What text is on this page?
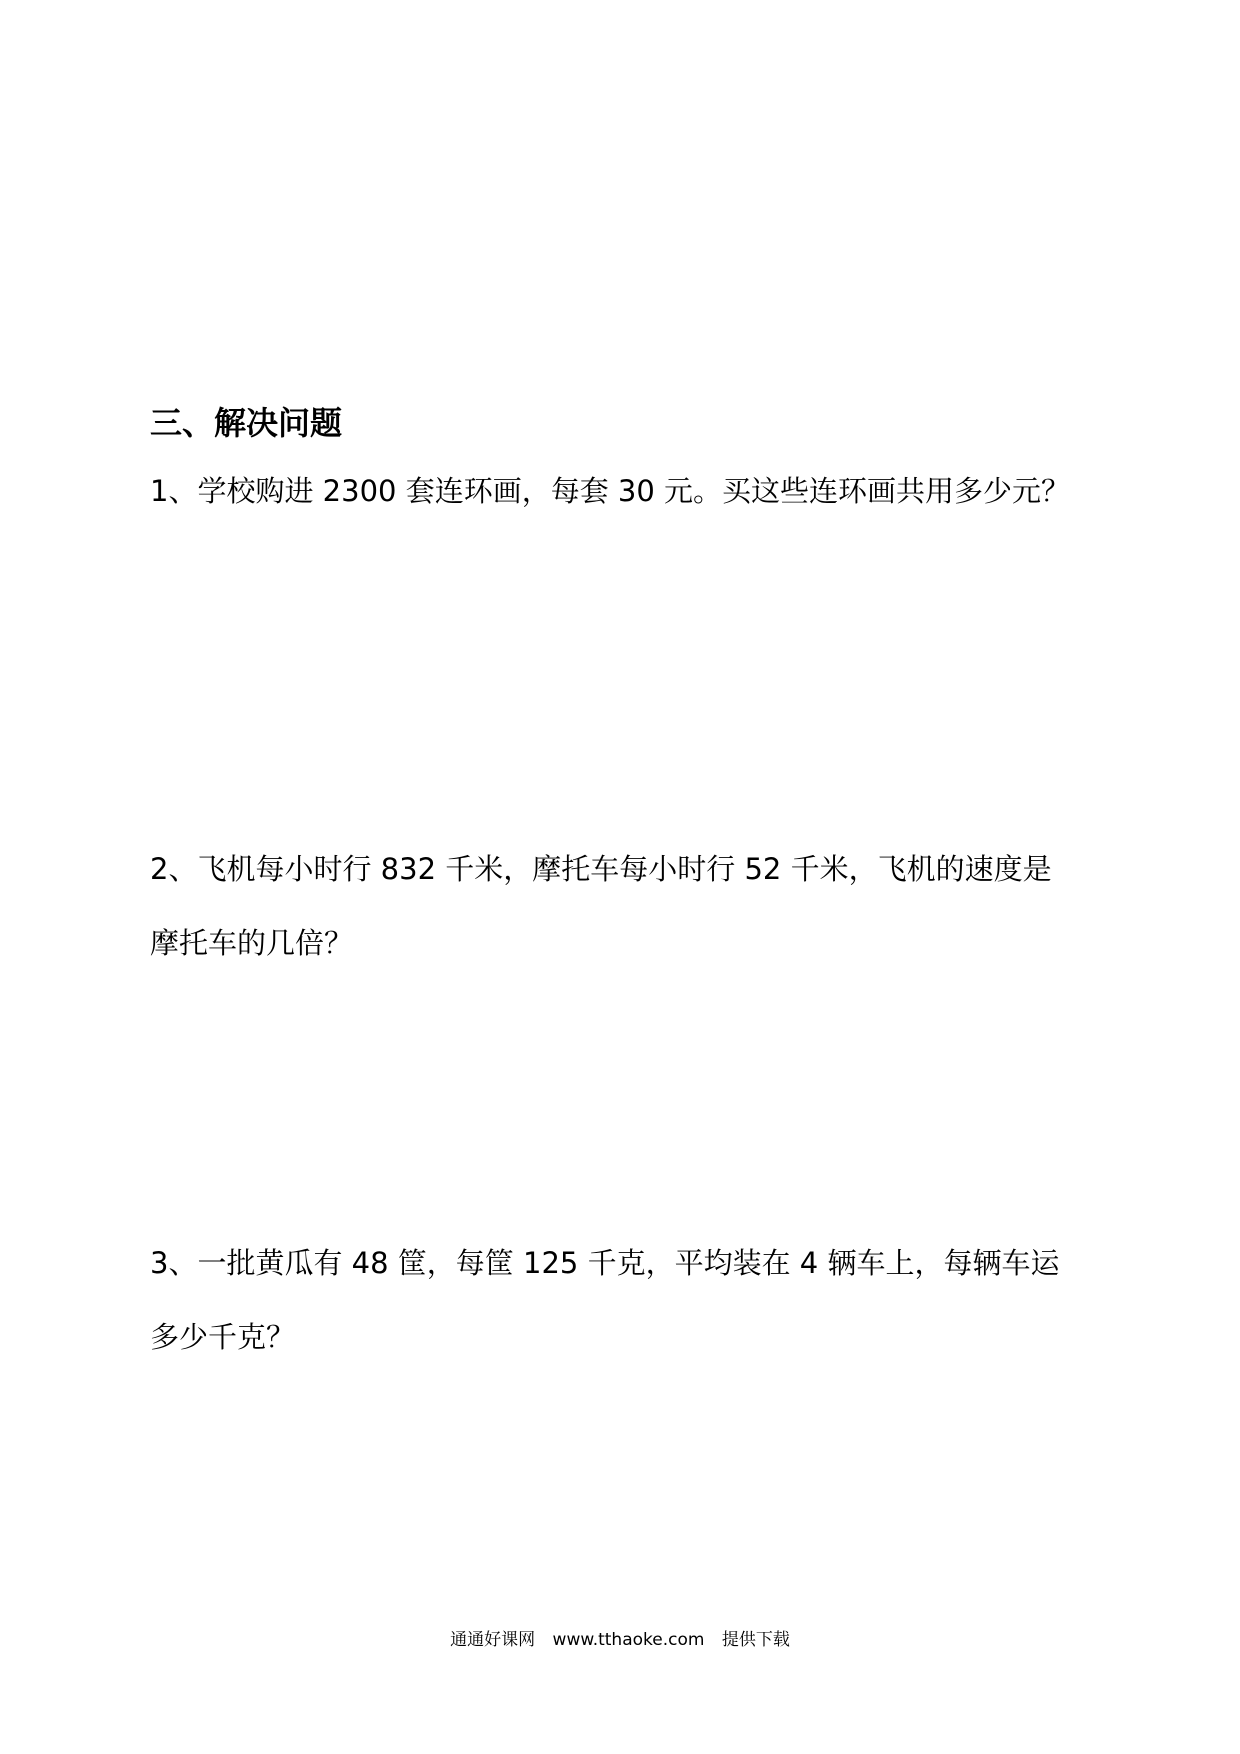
三、解决问题
1、学校购进 2300 套连环画，每套 30 元。买这些连环画共用多少元？
2、飞机每小时行 832 千米，摩托车每小时行 52 千米，飞机的速度是
摩托车的几倍？
3、一批黄瓜有 48 筐，每筐 125 千克，平均装在 4 辆车上，每辆车运
多少千克？
通通好课网 www.tthaoke.com 提供下载
